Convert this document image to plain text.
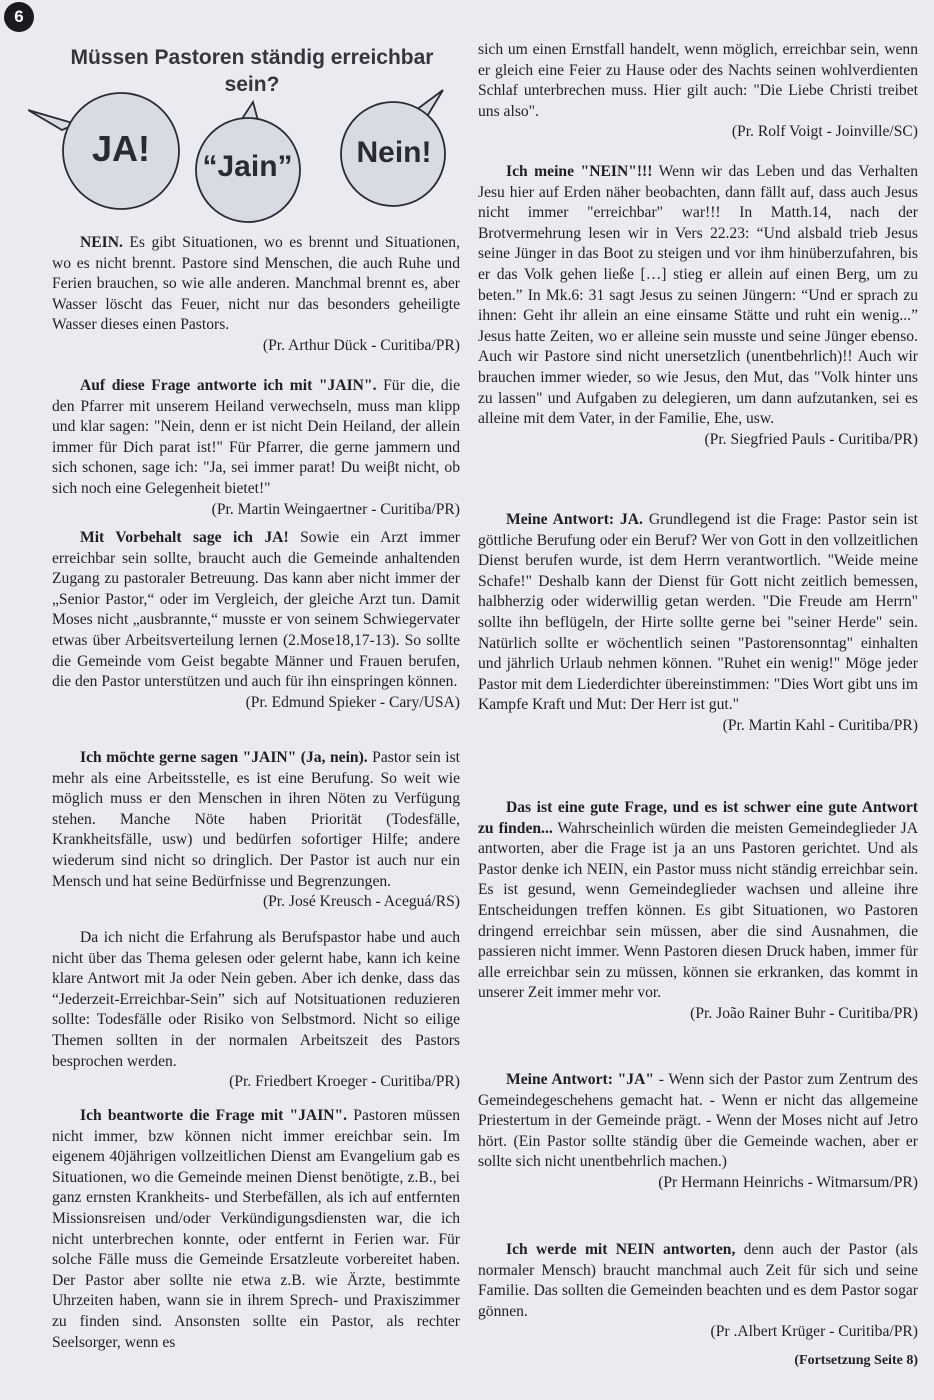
6
Müssen Pastoren ständig erreichbar sein?
JA!	“Jain”	Nein!

NEIN. Es gibt Situationen, wo es brennt und Situationen, wo es nicht brennt. Pastore sind Menschen, die auch Ruhe und Ferien brauchen, so wie alle anderen. Manchmal brennt es, aber Wasser löscht das Feuer, nicht nur das besonders geheiligte Wasser dieses einen Pastors.

(Pr. Arthur Dück - Curitiba/PR)

Auf diese Frage antworte ich mit "JAIN". Für die, die den Pfarrer mit unserem Heiland verwechseln, muss man klipp und klar sagen: "Nein, denn er ist nicht Dein Heiland, der allein immer für Dich parat ist!" Für Pfarrer, die gerne jammern und sich schonen, sage ich: "Ja, sei immer parat! Du weiβt nicht, ob sich noch eine Gelegenheit bietet!"

(Pr. Martin Weingaertner - Curitiba/PR)

Mit Vorbehalt sage ich JA! Sowie ein Arzt immer erreichbar sein sollte, braucht auch die Gemeinde anhaltenden Zugang zu pastoraler Betreuung. Das kann aber nicht immer der „Senior Pastor,“ oder im Vergleich, der gleiche Arzt tun. Damit Moses nicht „ausbrannte,“ musste er von seinem Schwiegervater etwas über Arbeitsverteilung lernen (2.Mose18,17-13). So sollte die Gemeinde vom Geist begabte Männer und Frauen berufen, die den Pastor unterstützen und auch für ihn einspringen können.

(Pr. Edmund Spieker - Cary/USA)

Ich möchte gerne sagen "JAIN" (Ja, nein). Pastor sein ist mehr als eine Arbeitsstelle, es ist eine Berufung. So weit wie möglich muss er den Menschen in ihren Nöten zu Verfügung stehen. Manche Nöte haben Priorität (Todesfälle, Krankheitsfälle, usw) und bedürfen sofortiger Hilfe; andere wiederum sind nicht so dringlich. Der Pastor ist auch nur ein Mensch und hat seine Bedürfnisse und Begrenzungen.

(Pr. José Kreusch - Aceguá/RS)

Da ich nicht die Erfahrung als Berufspastor habe und auch nicht über das Thema gelesen oder gelernt habe, kann ich keine klare Antwort mit Ja oder Nein geben. Aber ich denke, dass das “Jederzeit-Erreichbar-Sein” sich auf Notsituationen reduzieren sollte: Todesfälle oder Risiko von Selbstmord. Nicht so eilige Themen sollten in der normalen Arbeitszeit des Pastors besprochen werden.

(Pr. Friedbert Kroeger - Curitiba/PR)

Ich beantworte die Frage mit "JAIN". Pastoren müssen nicht immer, bzw können nicht immer ereichbar sein. Im eigenem 40jährigen vollzeitlichen Dienst am Evangelium gab es Situationen, wo die Gemeinde meinen Dienst benötigte, z.B., bei ganz ernsten Krankheits- und Sterbefällen, als ich auf entfernten Missionsreisen und/oder Verkündigungsdiensten war, die ich nicht unterbrechen konnte, oder entfernt in Ferien war. Für solche Fälle muss die Gemeinde Ersatzleute vorbereitet haben. Der Pastor aber sollte nie etwa z.B. wie Ärzte, bestimmte Uhrzeiten haben, wann sie in ihrem Sprech- und Praxiszimmer zu finden sind. Ansonsten sollte ein Pastor, als rechter Seelsorger, wenn es

sich um einen Ernstfall handelt, wenn möglich, erreichbar sein, wenn er gleich eine Feier zu Hause oder des Nachts seinen wohlverdienten Schlaf unterbrechen muss. Hier gilt auch: "Die Liebe Christi treibet uns also".

(Pr. Rolf Voigt - Joinville/SC)

Ich meine "NEIN"!!! Wenn wir das Leben und das Verhalten Jesu hier auf Erden näher beobachten, dann fällt auf, dass auch Jesus nicht immer "erreichbar" war!!! In Matth.14, nach der Brotvermehrung lesen wir in Vers 22.23: “Und alsbald trieb Jesus seine Jünger in das Boot zu steigen und vor ihm hinüberzufahren, bis er das Volk gehen ließe […] stieg er allein auf einen Berg, um zu beten.” In Mk.6: 31 sagt Jesus zu seinen Jüngern: “Und er sprach zu ihnen: Geht ihr allein an eine einsame Stätte und ruht ein wenig...” Jesus hatte Zeiten, wo er alleine sein musste und seine Jünger ebenso. Auch wir Pastore sind nicht unersetzlich (unentbehrlich)!! Auch wir brauchen immer wieder, so wie Jesus, den Mut, das "Volk hinter uns zu lassen" und Aufgaben zu delegieren, um dann aufzutanken, sei es alleine mit dem Vater, in der Familie, Ehe, usw.

(Pr. Siegfried Pauls - Curitiba/PR)

Meine Antwort: JA. Grundlegend ist die Frage: Pastor sein ist göttliche Berufung oder ein Beruf? Wer von Gott in den vollzeitlichen Dienst berufen wurde, ist dem Herrn verantwortlich. "Weide meine Schafe!" Deshalb kann der Dienst für Gott nicht zeitlich bemessen, halbherzig oder widerwillig getan werden. "Die Freude am Herrn" sollte ihn beflügeln, der Hirte sollte gerne bei "seiner Herde" sein. Natürlich sollte er wöchentlich seinen "Pastorensonntag" einhalten und jährlich Urlaub nehmen können. "Ruhet ein wenig!" Möge jeder Pastor mit dem Liederdichter übereinstimmen: "Dies Wort gibt uns im Kampfe Kraft und Mut: Der Herr ist gut."

(Pr. Martin Kahl - Curitiba/PR)

Das ist eine gute Frage, und es ist schwer eine gute Antwort zu finden... Wahrscheinlich würden die meisten Gemeindeglieder JA antworten, aber die Frage ist ja an uns Pastoren gerichtet. Und als Pastor denke ich NEIN, ein Pastor muss nicht ständig erreichbar sein. Es ist gesund, wenn Gemeindeglieder wachsen und alleine ihre Entscheidungen treffen können. Es gibt Situationen, wo Pastoren dringend erreichbar sein müssen, aber die sind Ausnahmen, die passieren nicht immer. Wenn Pastoren diesen Druck haben, immer für alle erreichbar sein zu müssen, können sie erkranken, das kommt in unserer Zeit immer mehr vor.

(Pr. João Rainer Buhr - Curitiba/PR)

Meine Antwort: "JA" - Wenn sich der Pastor zum Zentrum des Gemeindegeschehens gemacht hat. - Wenn er nicht das allgemeine Priestertum in der Gemeinde prägt. - Wenn der Moses nicht auf Jetro hört. (Ein Pastor sollte ständig über die Gemeinde wachen, aber er sollte sich nicht unentbehrlich machen.)

(Pr Hermann Heinrichs - Witmarsum/PR)

Ich werde mit NEIN antworten, denn auch der Pastor (als normaler Mensch) braucht manchmal auch Zeit für sich und seine Familie. Das sollten die Gemeinden beachten und es dem Pastor sogar gönnen.

(Pr .Albert Krüger - Curitiba/PR)
(Fortsetzung Seite 8)
